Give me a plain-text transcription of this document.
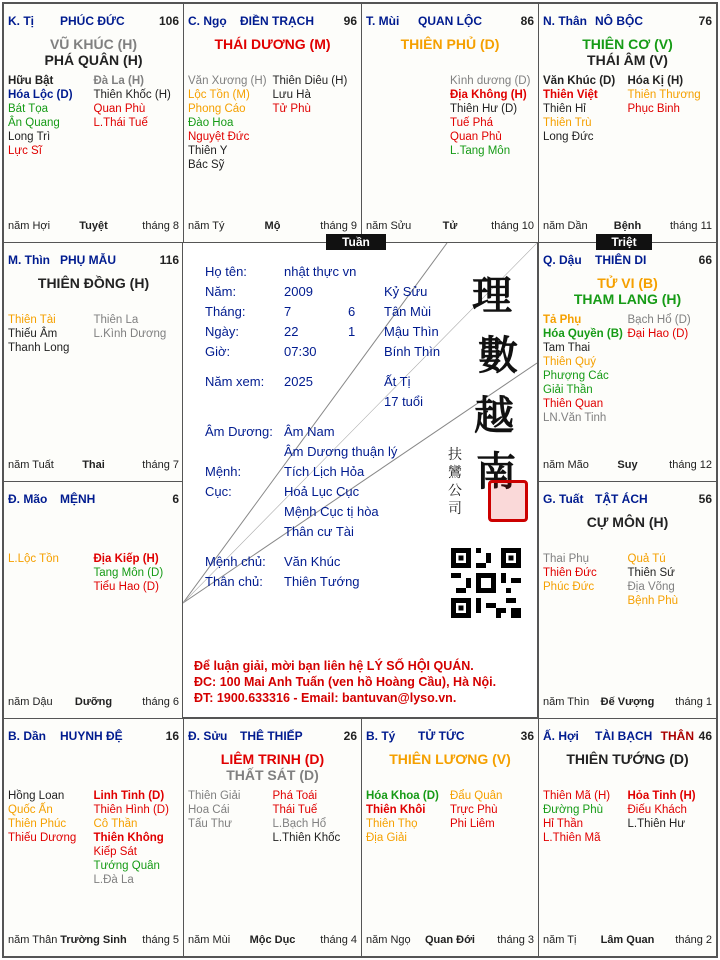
K. Tị PHÚC ĐỨC	106
VŨ KHÚC (H)
PHÁ QUÂN (H)
Hữu Bật
Hóa Lộc (D)
Bát Tọa
Ân Quang
Long Trì
Lực Sĩ
Đà La (H)
Thiên Khốc (H)
Quan Phù
L.Thái Tuế
năm Hợi	Tuyệt	tháng 8
C. Ngọ ĐIỀN TRẠCH 96
THÁI DƯƠNG (M)
Văn Xương (H)
Lộc Tồn (M)
Phong Cáo
Đào Hoa
Nguyệt Đức
Thiên Y
Bác Sỹ
Thiên Diêu (H)
Lưu Hà
Tử Phù
năm Tý	Mộ	tháng 9
T. Mùi QUAN LỘC	86
THIÊN PHỦ (D)
Kình dương (D)
Địa Không (H)
Thiên Hư (D)
Tuế Phá
Quan Phủ
L.Tang Môn
năm Sửu	Tử	tháng 10
N. Thân NÔ BỘC	76
THIÊN CƠ (V)
THÁI ÂM (V)
Văn Khúc (D)
Thiên Việt
Thiên Hỉ
Thiên Trù
Long Đức
Hóa Kị (H)
Thiên Thương
Phục Binh
năm Dần	Bệnh	tháng 11
M. Thìn PHỤ MẪU	116
THIÊN ĐỒNG (H)
Thiên Tài
Thiếu Âm
Thanh Long
Thiên La
L.Kình Dương
năm Tuất	Thai	tháng 7
Q. Dậu THIÊN DI	66
TỬ VI (B)
THAM LANG (H)
Tả Phụ
Hóa Quyền (B)
Tam Thai
Thiên Quý
Phượng Các
Giải Thần
Thiên Quan
LN.Văn Tinh
Bạch Hổ (D)
Đại Hao (D)
năm Mão	Suy	tháng 12
Đ. Mão MỆNH	6
L.Lộc Tồn	Địa Kiếp (H)
Tang Môn (D)
Tiểu Hao (D)
năm Dậu	Dưỡng	tháng 6
G. Tuất TẬT ÁCH	56
CỰ MÔN (H)
Thai Phụ
Thiên Đức
Phúc Đức
Quả Tú
Thiên Sứ
Địa Võng
Bệnh Phù
năm Thìn	Đế Vượng	tháng 1
B. Dần HUYNH ĐỆ	16
Hồng Loan
Quốc Ấn
Thiên Phúc
Thiếu Dương
Linh Tinh (D)
Thiên Hình (D)
Cô Thần
Thiên Không
Kiếp Sát
Tướng Quân
L.Đà La
năm Thân Trường Sinh	tháng 5
Đ. Sửu THÊ THIẾP	26
LIÊM TRINH (D)
THẤT SÁT (D)
Thiên Giải
Hoa Cái
Tấu Thư
Phá Toái
Thái Tuế
L.Bạch Hổ
L.Thiên Khốc
năm Mùi	Mộc Dục	tháng 4
B. Tý TỬ TỨC	36
THIÊN LƯƠNG (V)
Hóa Khoa (D)
Thiên Khôi
Thiên Thọ
Địa Giải
Đẩu Quân
Trực Phù
Phi Liêm
năm Ngọ	Quan Đới	tháng 3
Ấ. Hợi TÀI BẠCH THÂN 46
THIÊN TƯỚNG (D)
Thiên Mã (H)
Đường Phù
Hỉ Thần
L.Thiên Mã
Hỏa Tinh (H)
Điếu Khách
L.Thiên Hư
năm Tị	Lâm Quan	tháng 2
Tuần	Triệt
Họ tên:	nhật thực vn
Năm:	2009	Kỷ Sửu
Tháng:	7	6 Tân Mùi
Ngày:	22	1 Mậu Thìn
Giờ:	07:30	Bính Thìn
Năm xem: 2025	Ất Tị
17 tuổi
Âm Dương: Âm Nam
Âm Dương thuận lý
Mệnh:	Tích Lịch Hỏa
Cục:	Hoả Lục Cục
Mệnh Cục tị hòa
Thân cư Tài
Mệnh chủ: Văn Khúc
Thân chủ: Thiên Tướng
理
數
越
南
扶
鸞
公
司
Để luận giải, mời bạn liên hệ LÝ SỐ HỘI QUÁN.
ĐC: 100 Mai Anh Tuấn (ven hồ Hoàng Cầu), Hà Nội.
ĐT: 1900.633316 - Email: bantuvan@lyso.vn.
